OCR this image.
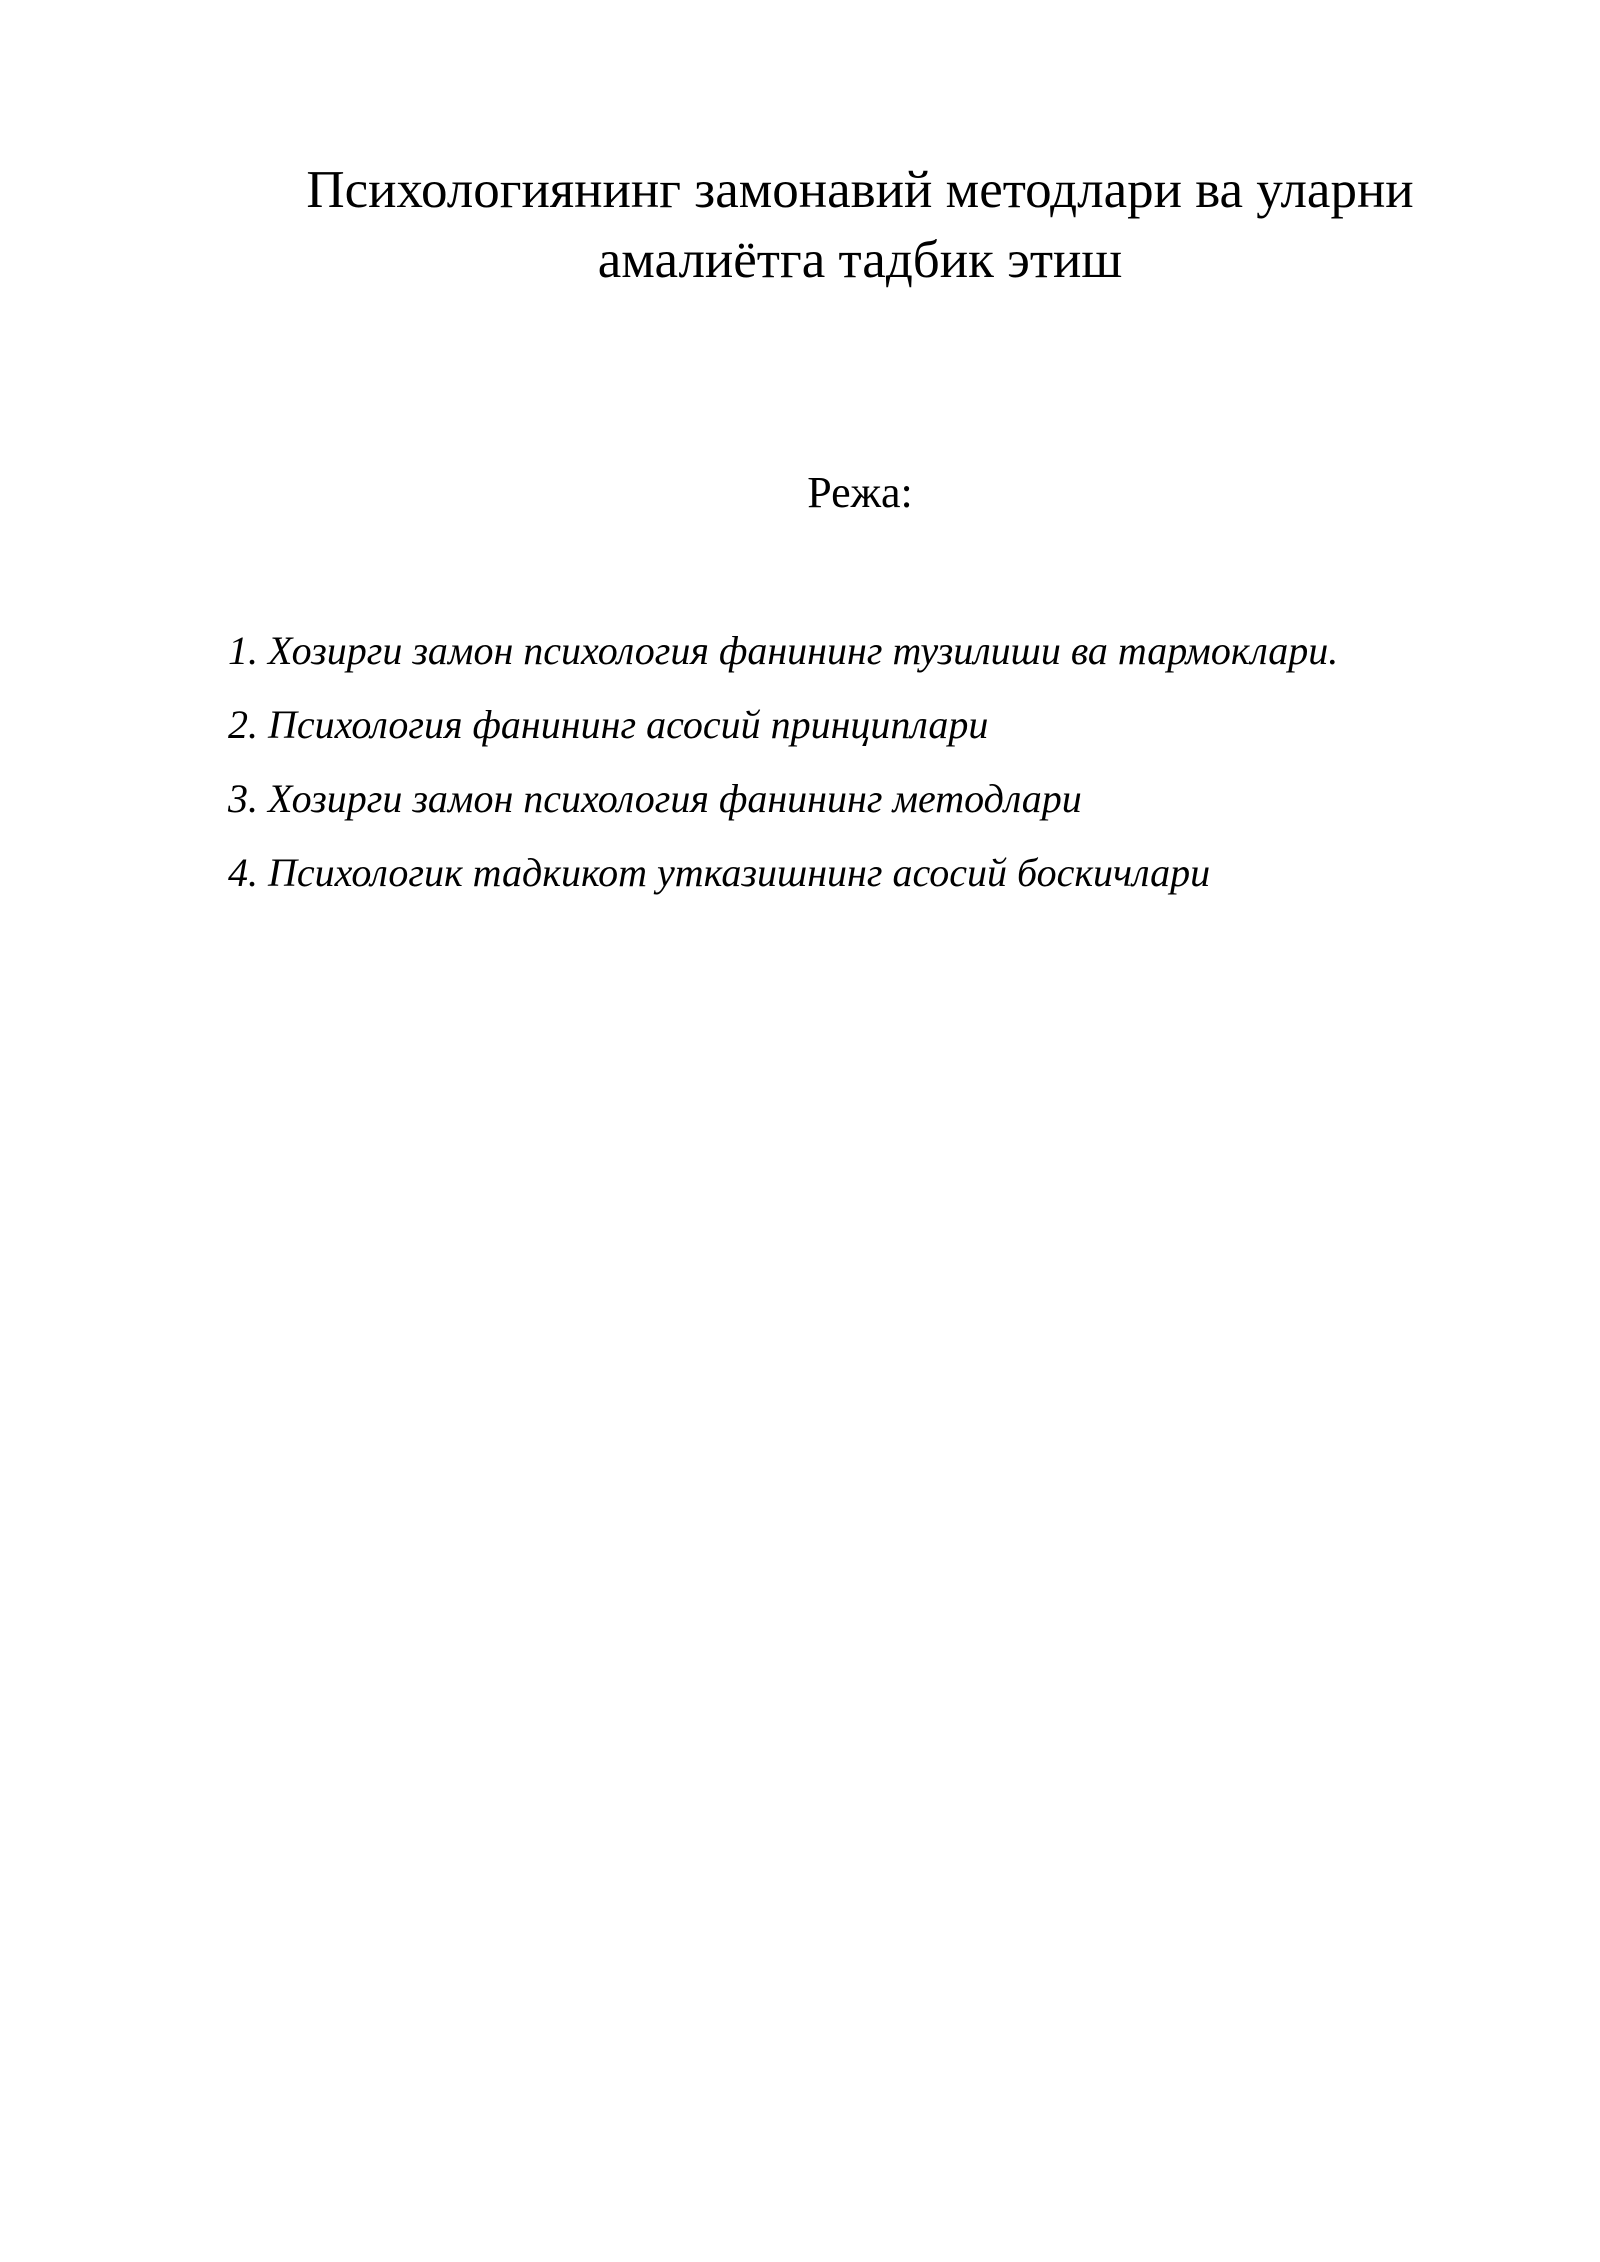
Психологиянинг замонавий методлари ва уларни
амалиётга тадбик этиш
Режа:
1. Хозирги замон психология фанининг тузилиши ва тармоклари.
2. Психология фанининг асосий принциплари
3. Хозирги замон психология фанининг методлари
4. Психологик тадкикот утказишнинг асосий боскичлари
